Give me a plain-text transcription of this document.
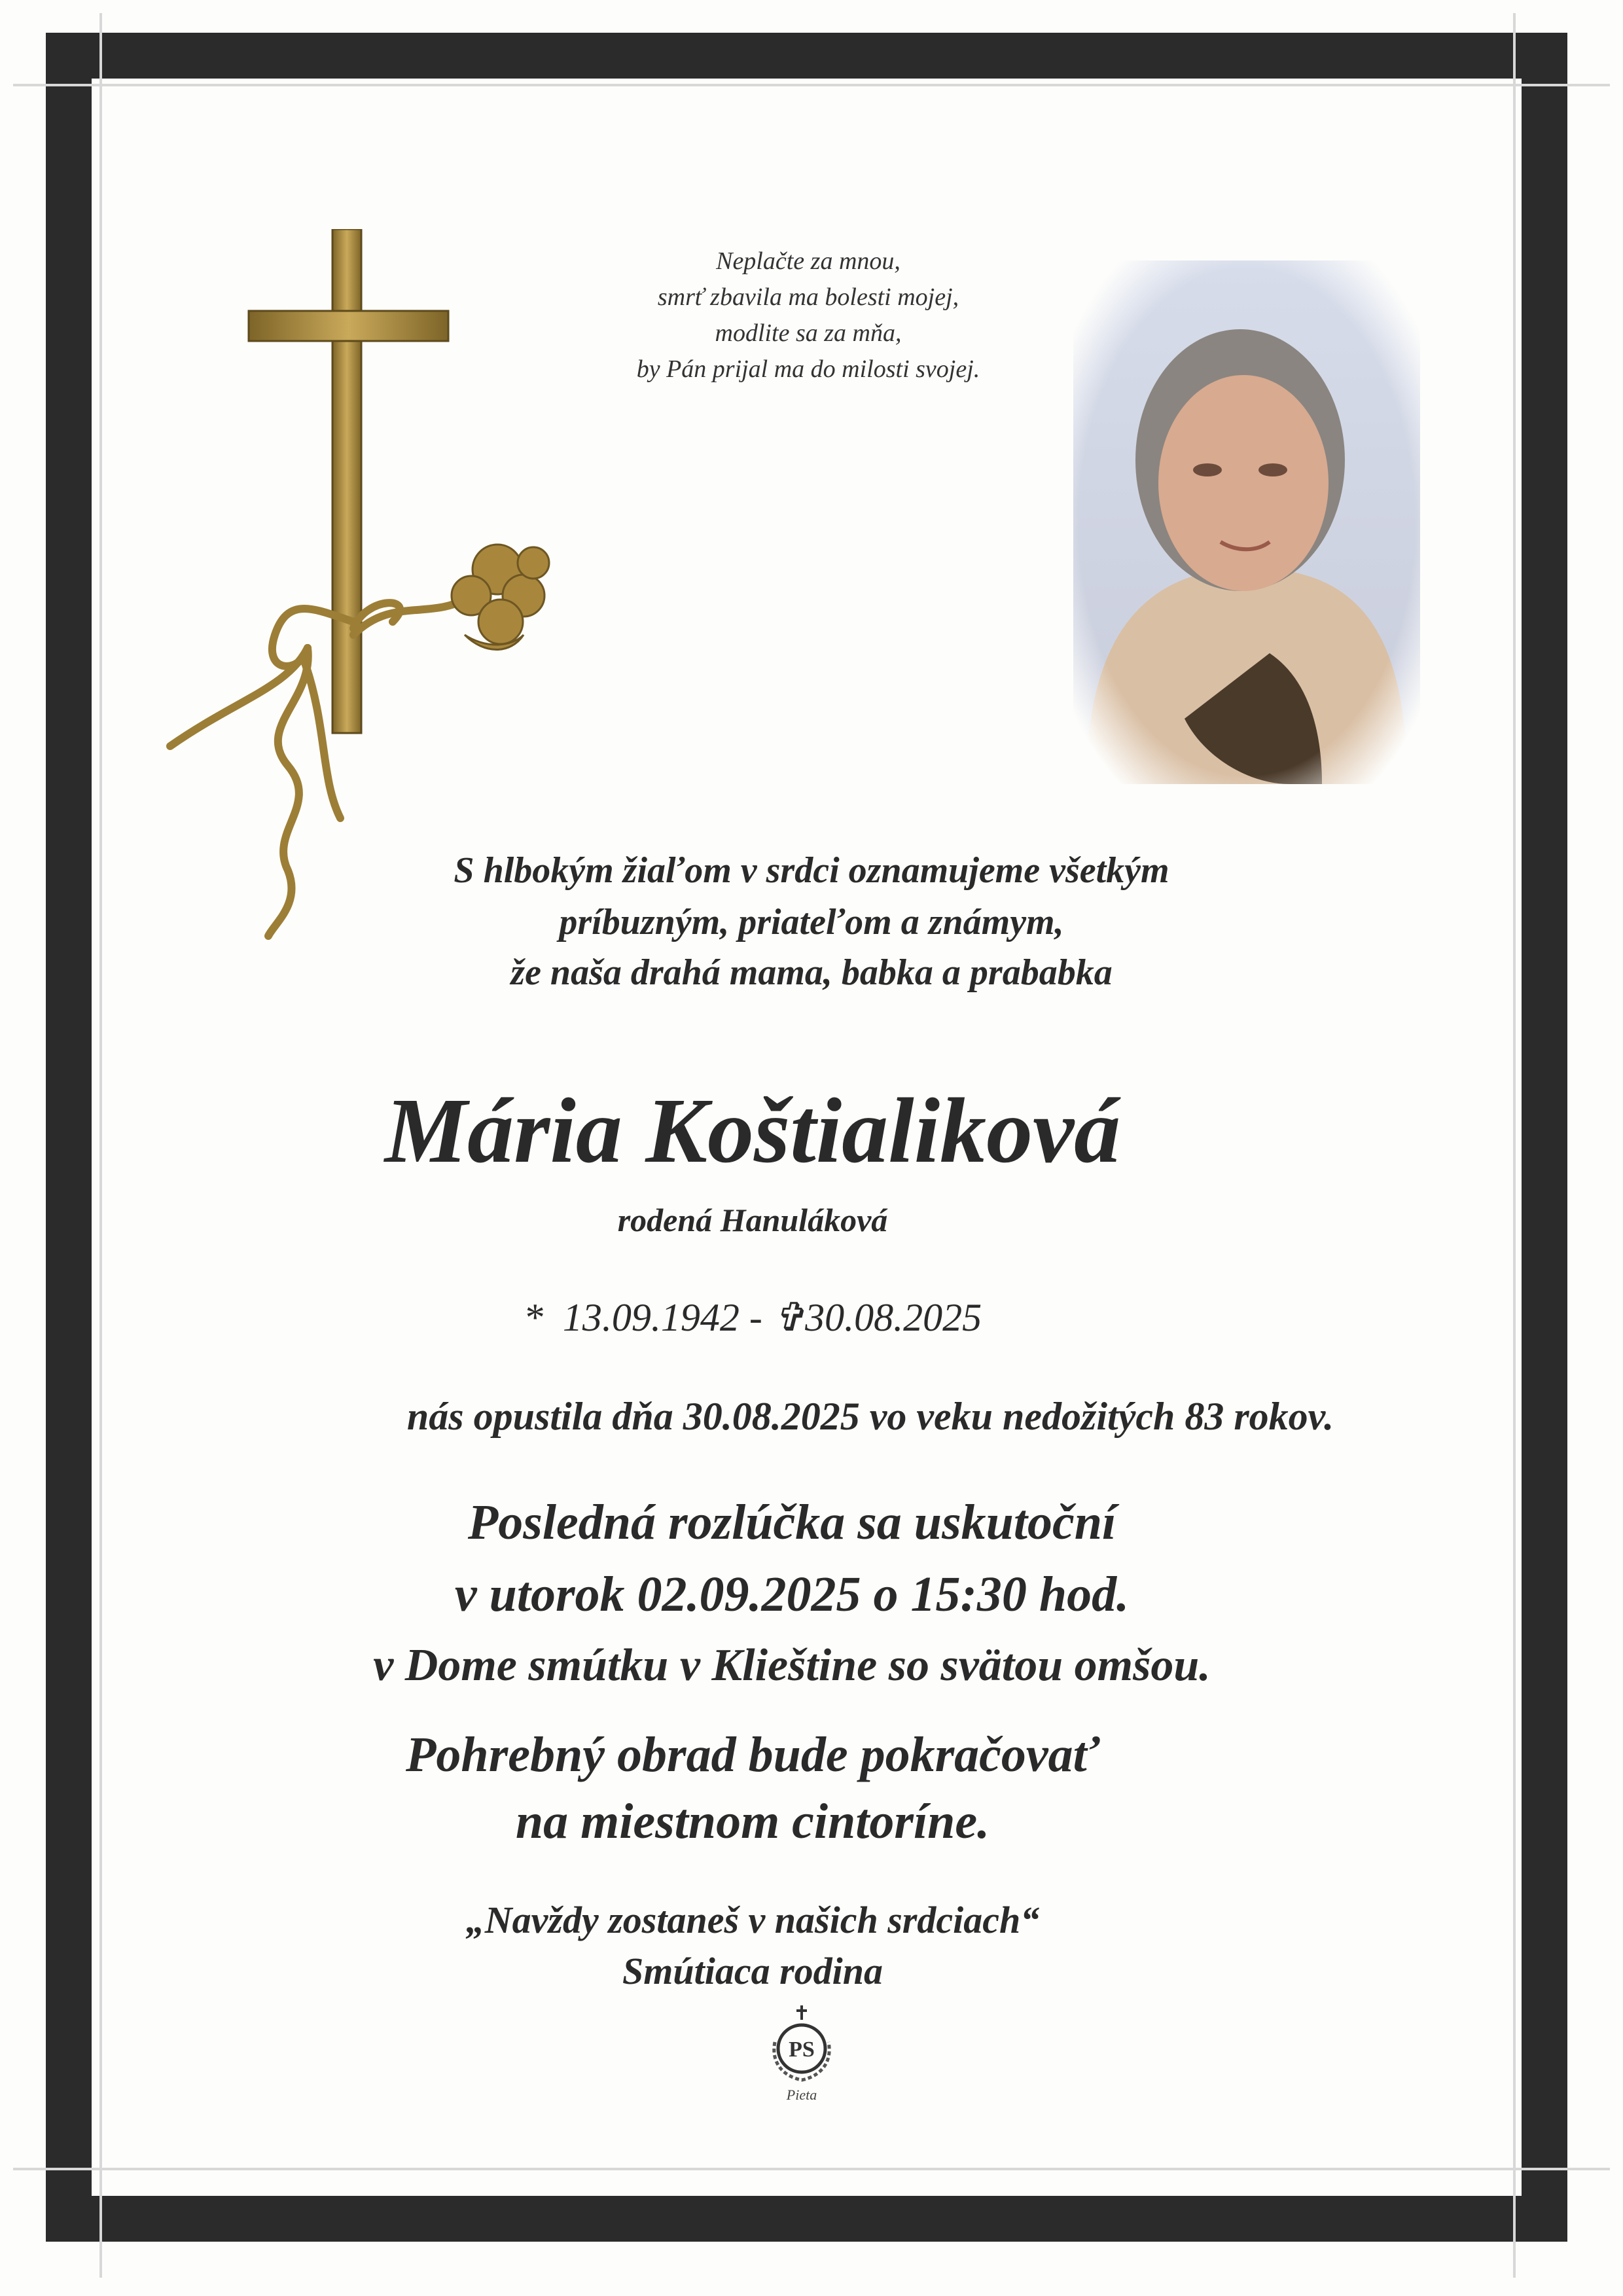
Neplačte za mnou,
smrť zbavila ma bolesti mojej,
modlite sa za mňa,
by Pán prijal ma do milosti svojej.
S hlbokým žiaľom v srdci oznamujeme všetkým
príbuzným, priateľom a známym,
že naša drahá mama, babka a prababka
Mária Koštialiková
rodená Hanuláková
* 13.09.1942 - ✞30.08.2025
nás opustila dňa 30.08.2025 vo veku nedožitých 83 rokov.
Posledná rozlúčka sa uskutoční
v utorok 02.09.2025 o 15:30 hod.
v Dome smútku v Klieštine so svätou omšou.
Pohrebný obrad bude pokračovať
na miestnom cintoríne.
„Navždy zostaneš v našich srdciach“
Smútiaca rodina
PS
Pieta
